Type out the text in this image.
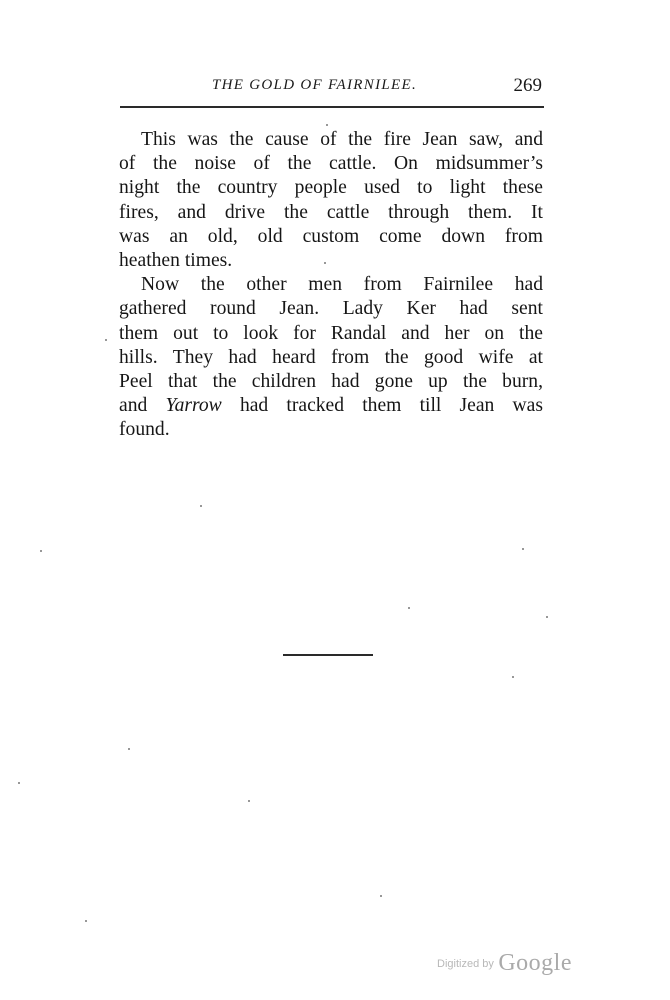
THE GOLD OF FAIRNILEE.	269

This was the cause of the fire Jean saw, and
of the noise of the cattle. On midsummer’s
night the country people used to light these
fires, and drive the cattle through them. It
was an old, old custom come down from
heathen times.

Now the other men from Fairnilee had
gathered round Jean. Lady Ker had sent
them out to look for Randal and her on the
hills. They had heard from the good wife at
Peel that the children had gone up the burn,
and Yarrow had tracked them till Jean was
found.

Digitized by Google
